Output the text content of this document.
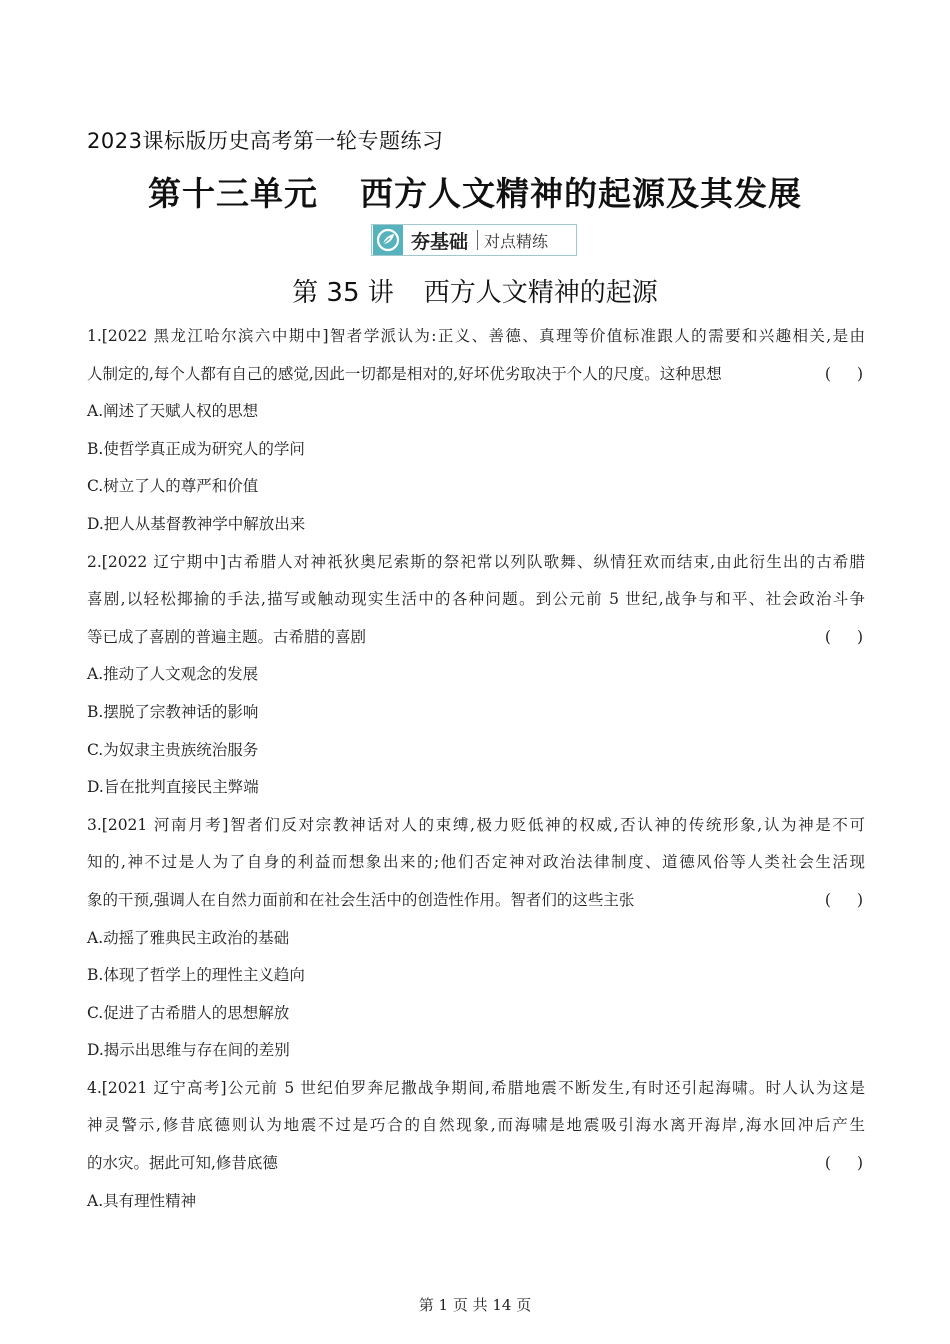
2023课标版历史高考第一轮专题练习
第十三单元 西方人文精神的起源及其发展
夯基础 对点精练
第 35 讲 西方人文精神的起源
1.[2022 黑龙江哈尔滨六中期中]智者学派认为:正义、善德、真理等价值标准跟人的需要和兴趣相关,是由
人制定的,每个人都有自己的感觉,因此一切都是相对的,好坏优劣取决于个人的尺度。这种思想	( )
A.阐述了天赋人权的思想
B.使哲学真正成为研究人的学问
C.树立了人的尊严和价值
D.把人从基督教神学中解放出来
2.[2022 辽宁期中]古希腊人对神祇狄奥尼索斯的祭祀常以列队歌舞、纵情狂欢而结束,由此衍生出的古希腊
喜剧,以轻松揶揄的手法,描写或触动现实生活中的各种问题。到公元前 5 世纪,战争与和平、社会政治斗争
等已成了喜剧的普遍主题。古希腊的喜剧	( )
A.推动了人文观念的发展
B.摆脱了宗教神话的影响
C.为奴隶主贵族统治服务
D.旨在批判直接民主弊端
3.[2021 河南月考]智者们反对宗教神话对人的束缚,极力贬低神的权威,否认神的传统形象,认为神是不可
知的,神不过是人为了自身的利益而想象出来的;他们否定神对政治法律制度、道德风俗等人类社会生活现
象的干预,强调人在自然力面前和在社会生活中的创造性作用。智者们的这些主张	( )
A.动摇了雅典民主政治的基础
B.体现了哲学上的理性主义趋向
C.促进了古希腊人的思想解放
D.揭示出思维与存在间的差别
4.[2021 辽宁高考]公元前 5 世纪伯罗奔尼撒战争期间,希腊地震不断发生,有时还引起海啸。时人认为这是
神灵警示,修昔底德则认为地震不过是巧合的自然现象,而海啸是地震吸引海水离开海岸,海水回冲后产生
的水灾。据此可知,修昔底德	( )
A.具有理性精神
第 1 页 共 14 页
